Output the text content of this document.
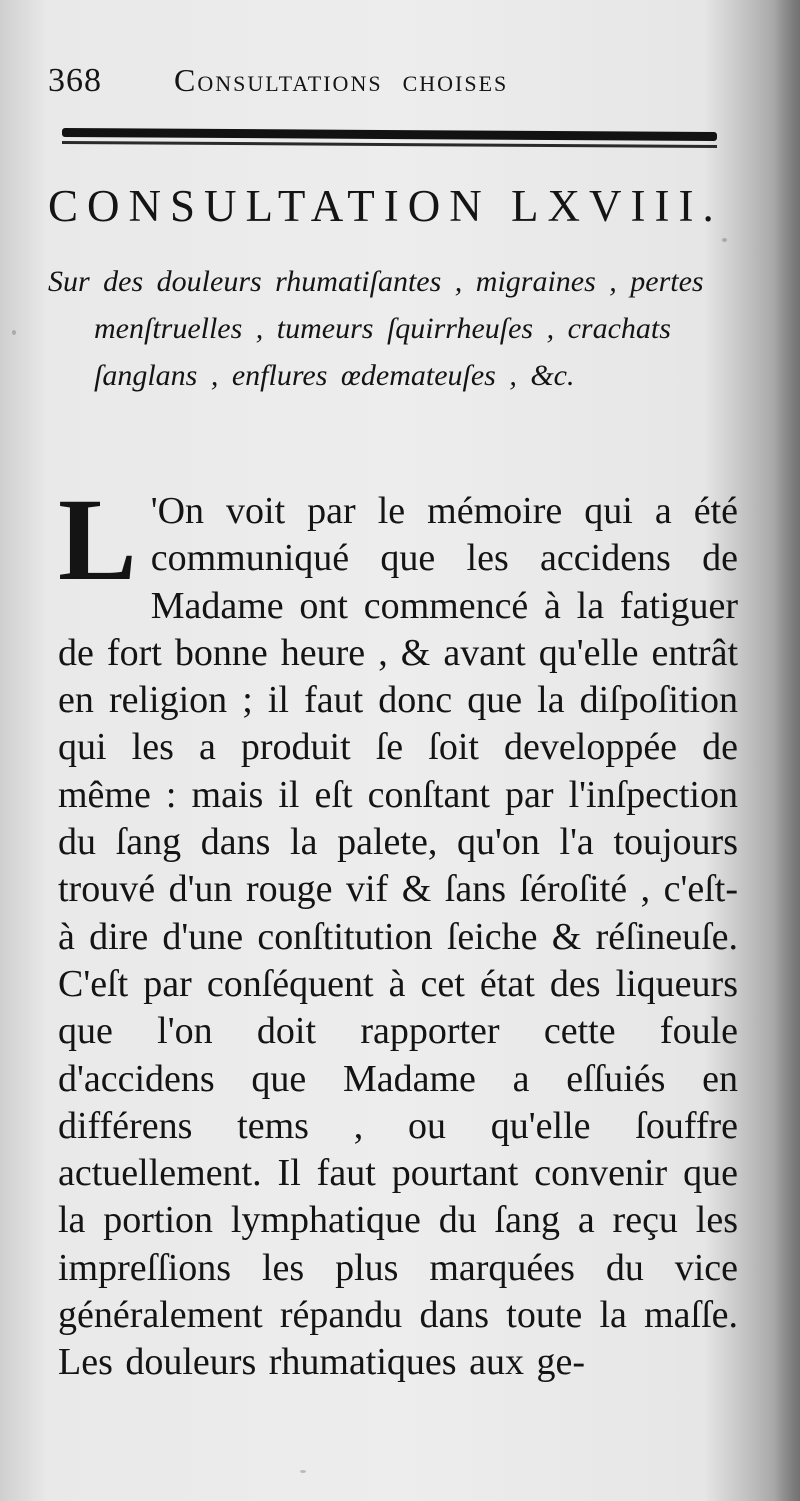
368 Consultations choises
CONSULTATION LXVIII.
Sur des douleurs rhumatiſantes , migraines , pertes menſtruelles , tumeurs ſquirrheuſes , crachats ſanglans , enflures œdemateuſes , &c.
L 'On voit par le mémoire qui a été communiqué que les accidens de Madame ont commencé à la fatiguer de fort bonne heure , & avant qu'elle entrât en religion ; il faut donc que la diſpoſition qui les a produit ſe ſoit developpée de même : mais il eſt conſtant par l'inſpection du ſang dans la palete, qu'on l'a toujours trouvé d'un rouge vif & ſans ſéroſité , c'eſt-à dire d'une conſtitution ſeiche & réſineuſe. C'eſt par conſéquent à cet état des liqueurs que l'on doit rapporter cette foule d'accidens que Madame a eſſuiés en différens tems , ou qu'elle ſouffre actuellement. Il faut pourtant convenir que la portion lymphatique du ſang a reçu les impreſſions les plus marquées du vice généralement répandu dans toute la maſſe. Les douleurs rhumatiques aux ge-
